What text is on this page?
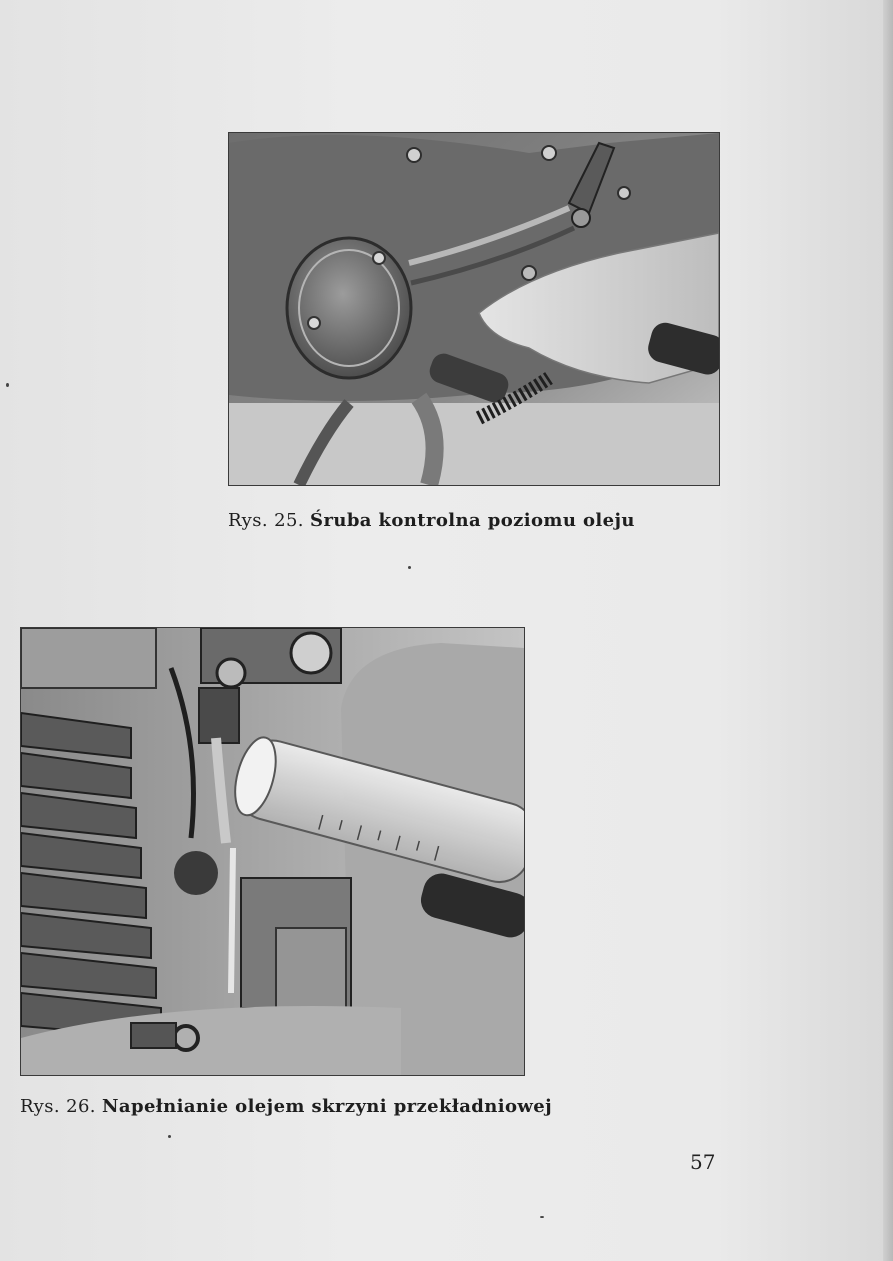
Rys. 25. Śruba kontrolna poziomu oleju
Rys. 26. Napełnianie olejem skrzyni przekładniowej
57
